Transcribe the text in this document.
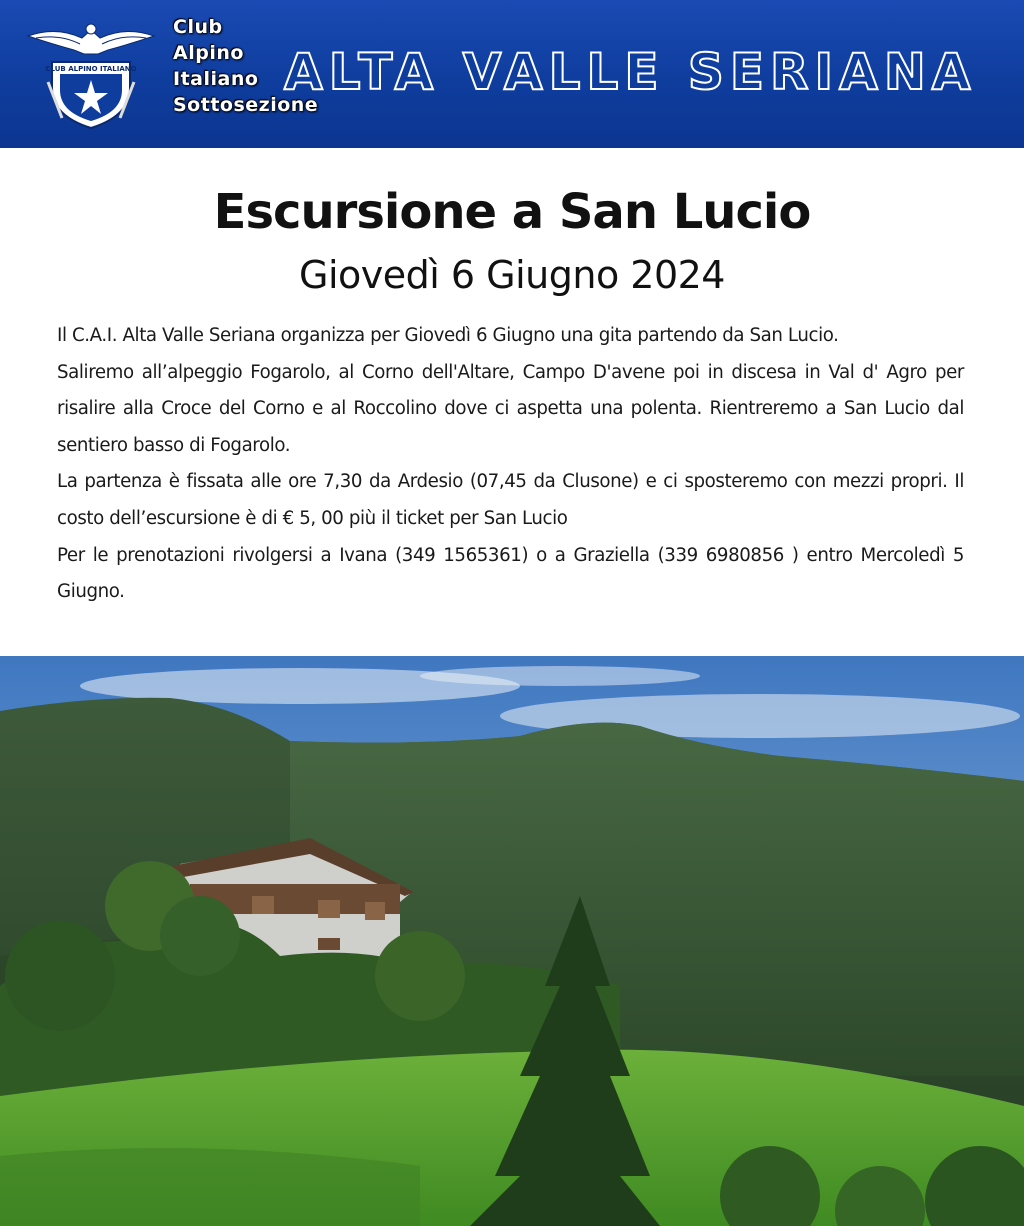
CLUB ALPINO ITALIANO
Club
Alpino
Italiano
Sottosezione
ALTA VALLE SERIANA
Escursione a San Lucio
Giovedì 6 Giugno 2024

Il C.A.I. Alta Valle Seriana organizza per Giovedì 6 Giugno una gita partendo da San Lucio.

Saliremo all’alpeggio Fogarolo, al Corno dell'Altare, Campo D'avene poi in discesa in Val d' Agro per risalire alla Croce del Corno e al Roccolino dove ci aspetta una polenta. Rientreremo a San Lucio dal sentiero basso di Fogarolo.

La partenza è fissata alle ore 7,30 da Ardesio (07,45 da Clusone) e ci sposteremo con mezzi propri. Il costo dell’escursione è di € 5, 00 più il ticket per San Lucio

Per le prenotazioni rivolgersi a Ivana (349 1565361) o a Graziella (339 6980856 ) entro Mercoledì 5 Giugno.
